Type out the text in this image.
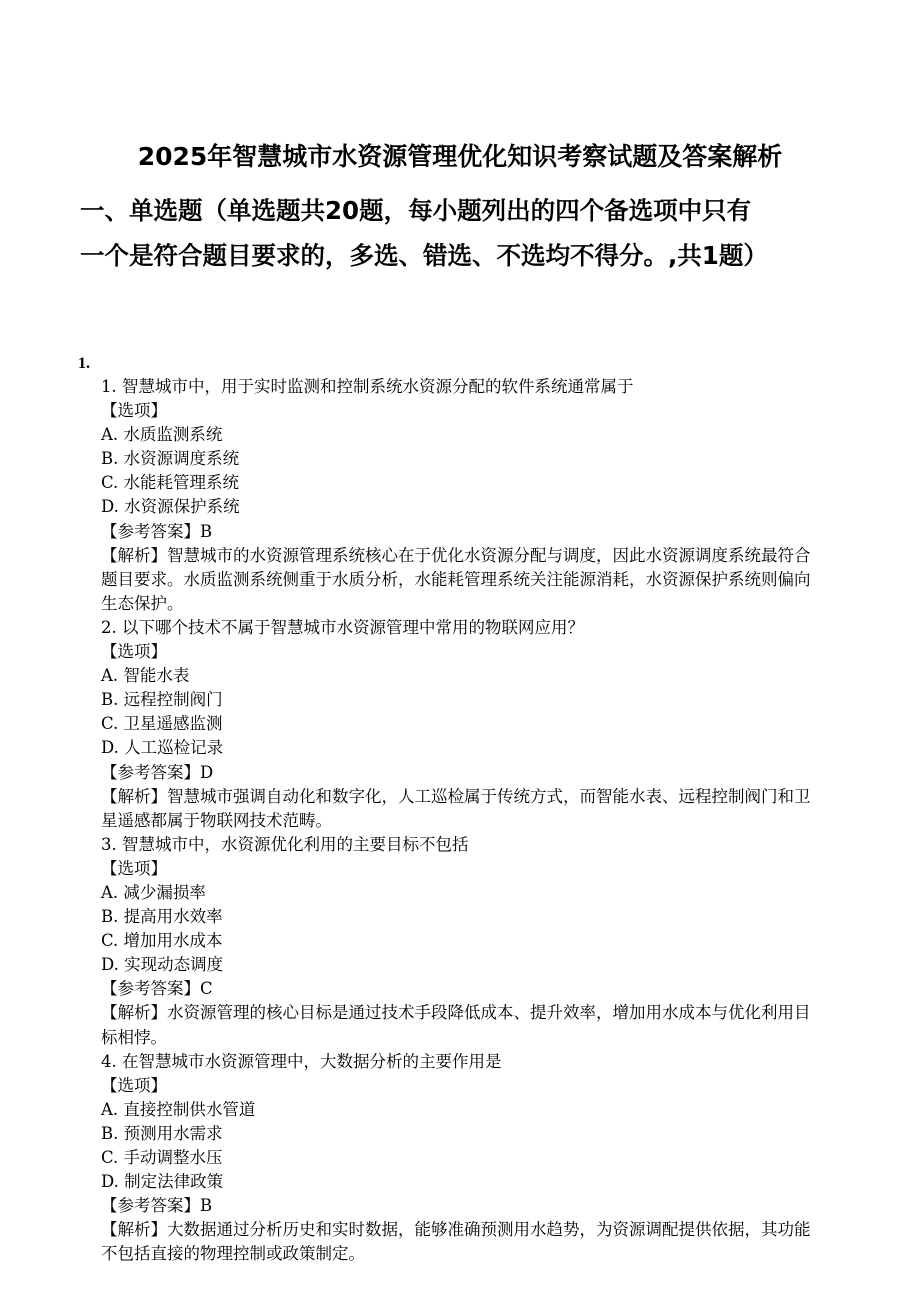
2025年智慧城市水资源管理优化知识考察试题及答案解析
一、单选题（单选题共20题，每小题列出的四个备选项中只有
一个是符合题目要求的，多选、错选、不选均不得分。,共1题）
1.
1. 智慧城市中，用于实时监测和控制系统水资源分配的软件系统通常属于
【选项】
A. 水质监测系统
B. 水资源调度系统
C. 水能耗管理系统
D. 水资源保护系统
【参考答案】B
【解析】智慧城市的水资源管理系统核心在于优化水资源分配与调度，因此水资源调度系统最符合题目要求。水质监测系统侧重于水质分析，水能耗管理系统关注能源消耗，水资源保护系统则偏向生态保护。
2. 以下哪个技术不属于智慧城市水资源管理中常用的物联网应用？
【选项】
A. 智能水表
B. 远程控制阀门
C. 卫星遥感监测
D. 人工巡检记录
【参考答案】D
【解析】智慧城市强调自动化和数字化，人工巡检属于传统方式，而智能水表、远程控制阀门和卫星遥感都属于物联网技术范畴。
3. 智慧城市中，水资源优化利用的主要目标不包括
【选项】
A. 减少漏损率
B. 提高用水效率
C. 增加用水成本
D. 实现动态调度
【参考答案】C
【解析】水资源管理的核心目标是通过技术手段降低成本、提升效率，增加用水成本与优化利用目标相悖。
4. 在智慧城市水资源管理中，大数据分析的主要作用是
【选项】
A. 直接控制供水管道
B. 预测用水需求
C. 手动调整水压
D. 制定法律政策
【参考答案】B
【解析】大数据通过分析历史和实时数据，能够准确预测用水趋势，为资源调配提供依据，其功能不包括直接的物理控制或政策制定。
